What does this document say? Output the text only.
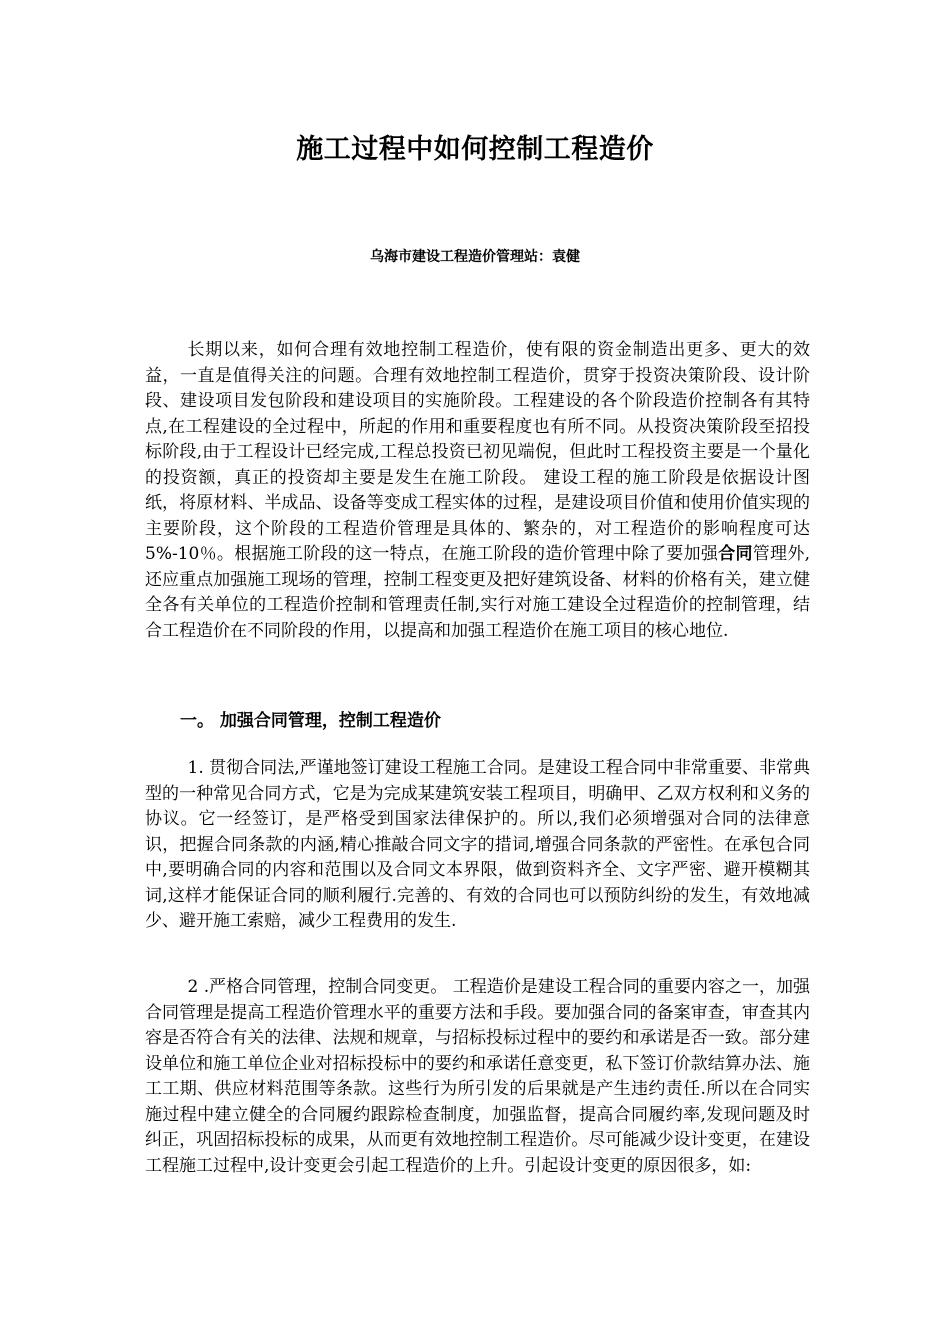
施工过程中如何控制工程造价
乌海市建设工程造价管理站：袁健

长期以来，如何合理有效地控制工程造价，使有限的资金制造出更多、更大的效益，一直是值得关注的问题。合理有效地控制工程造价，贯穿于投资决策阶段、设计阶段、建设项目发包阶段和建设项目的实施阶段。工程建设的各个阶段造价控制各有其特点,在工程建设的全过程中，所起的作用和重要程度也有所不同。从投资决策阶段至招投标阶段,由于工程设计已经完成,工程总投资已初见端倪，但此时工程投资主要是一个量化的投资额，真正的投资却主要是发生在施工阶段。 建设工程的施工阶段是依据设计图纸，将原材料、半成品、设备等变成工程实体的过程，是建设项目价值和使用价值实现的主要阶段，这个阶段的工程造价管理是具体的、繁杂的，对工程造价的影响程度可达 5%-10％。根据施工阶段的这一特点，在施工阶段的造价管理中除了要加强合同管理外,还应重点加强施工现场的管理，控制工程变更及把好建筑设备、材料的价格有关，建立健全各有关单位的工程造价控制和管理责任制,实行对施工建设全过程造价的控制管理，结合工程造价在不同阶段的作用，以提高和加强工程造价在施工项目的核心地位.

一。 加强合同管理，控制工程造价

1. 贯彻合同法,严谨地签订建设工程施工合同。是建设工程合同中非常重要、非常典型的一种常见合同方式，它是为完成某建筑安装工程项目，明确甲、乙双方权利和义务的协议。它一经签订，是严格受到国家法律保护的。所以,我们必须增强对合同的法律意识，把握合同条款的内涵,精心推敲合同文字的措词,增强合同条款的严密性。在承包合同中,要明确合同的内容和范围以及合同文本界限，做到资料齐全、文字严密、避开模糊其词,这样才能保证合同的顺利履行.完善的、有效的合同也可以预防纠纷的发生，有效地减少、避开施工索赔，减少工程费用的发生.

2 .严格合同管理，控制合同变更。 工程造价是建设工程合同的重要内容之一，加强合同管理是提高工程造价管理水平的重要方法和手段。要加强合同的备案审查，审查其内容是否符合有关的法律、法规和规章，与招标投标过程中的要约和承诺是否一致。部分建设单位和施工单位企业对招标投标中的要约和承诺任意变更，私下签订价款结算办法、施工工期、供应材料范围等条款。这些行为所引发的后果就是产生违约责任.所以在合同实施过程中建立健全的合同履约跟踪检查制度，加强监督，提高合同履约率,发现问题及时纠正，巩固招标投标的成果，从而更有效地控制工程造价。尽可能减少设计变更，在建设工程施工过程中,设计变更会引起工程造价的上升。引起设计变更的原因很多，如:
